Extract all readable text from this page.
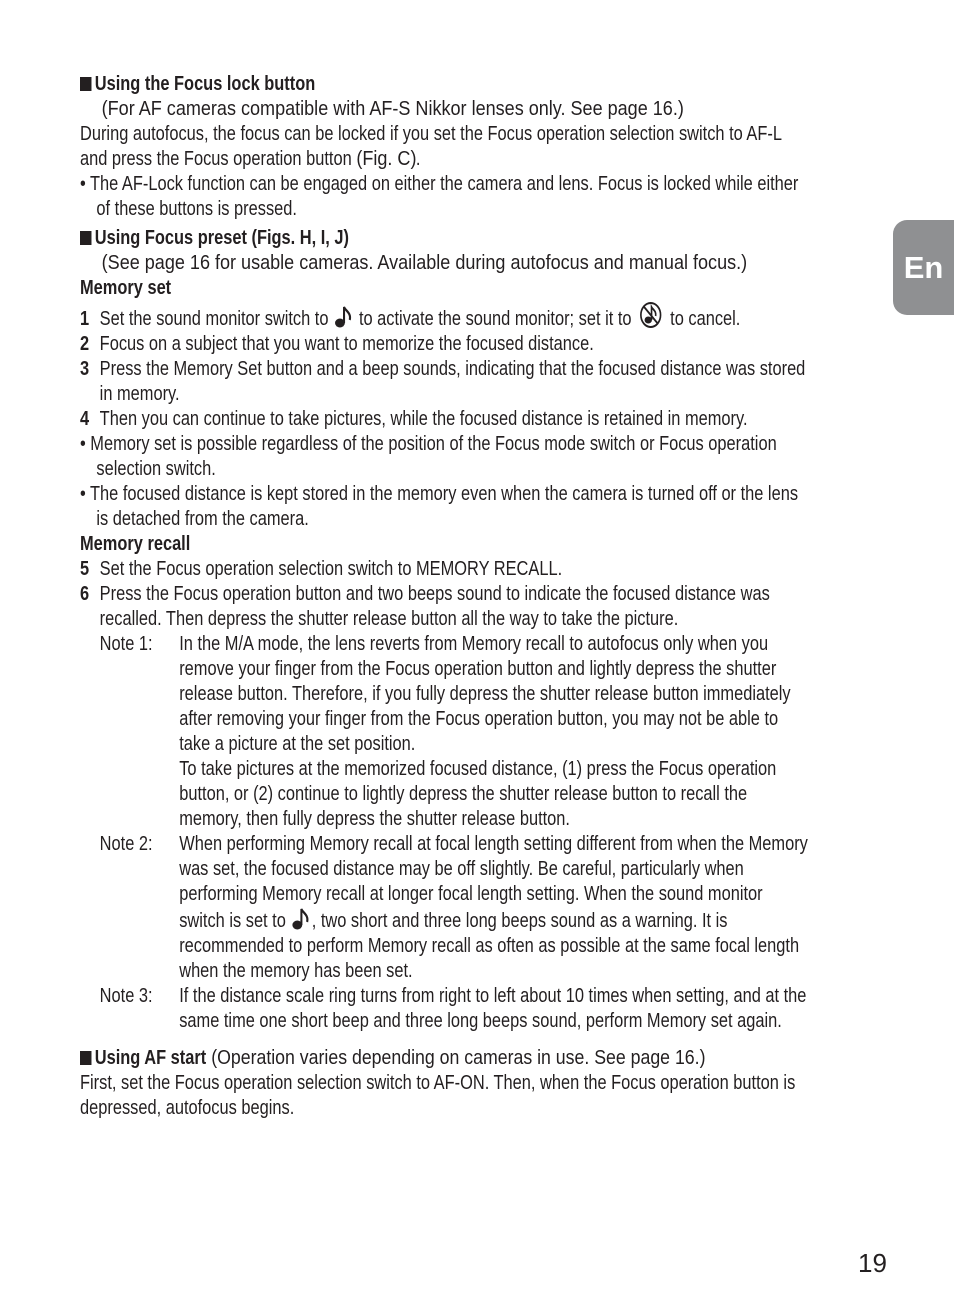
En
19
Using the Focus lock button
(For AF cameras compatible with AF-S Nikkor lenses only. See page 16.)
During autofocus, the focus can be locked if you set the Focus operation selection switch to AF-L
and press the Focus operation button (Fig. C).
• The AF-Lock function can be engaged on either the camera and lens. Focus is locked while either
of these buttons is pressed.
Using Focus preset (Figs. H, I, J)
(See page 16 for usable cameras. Available during autofocus and manual focus.)
Memory set
1 Set the sound monitor switch to to activate the sound monitor; set it to to cancel.
2 Focus on a subject that you want to memorize the focused distance.
3 Press the Memory Set button and a beep sounds, indicating that the focused distance was stored
in memory.
4 Then you can continue to take pictures, while the focused distance is retained in memory.
• Memory set is possible regardless of the position of the Focus mode switch or Focus operation
selection switch.
• The focused distance is kept stored in the memory even when the camera is turned off or the lens
is detached from the camera.
Memory recall
5 Set the Focus operation selection switch to MEMORY RECALL.
6 Press the Focus operation button and two beeps sound to indicate the focused distance was
recalled. Then depress the shutter release button all the way to take the picture.
Note 1: In the M/A mode, the lens reverts from Memory recall to autofocus only when you
remove your finger from the Focus operation button and lightly depress the shutter
release button. Therefore, if you fully depress the shutter release button immediately
after removing your finger from the Focus operation button, you may not be able to
take a picture at the set position.
To take pictures at the memorized focused distance, (1) press the Focus operation
button, or (2) continue to lightly depress the shutter release button to recall the
memory, then fully depress the shutter release button.
Note 2: When performing Memory recall at focal length setting different from when the Memory
was set, the focused distance may be off slightly. Be careful, particularly when
performing Memory recall at longer focal length setting. When the sound monitor
switch is set to , two short and three long beeps sound as a warning. It is
recommended to perform Memory recall as often as possible at the same focal length
when the memory has been set.
Note 3: If the distance scale ring turns from right to left about 10 times when setting, and at the
same time one short beep and three long beeps sound, perform Memory set again.
Using AF start (Operation varies depending on cameras in use. See page 16.)
First, set the Focus operation selection switch to AF-ON. Then, when the Focus operation button is
depressed, autofocus begins.
